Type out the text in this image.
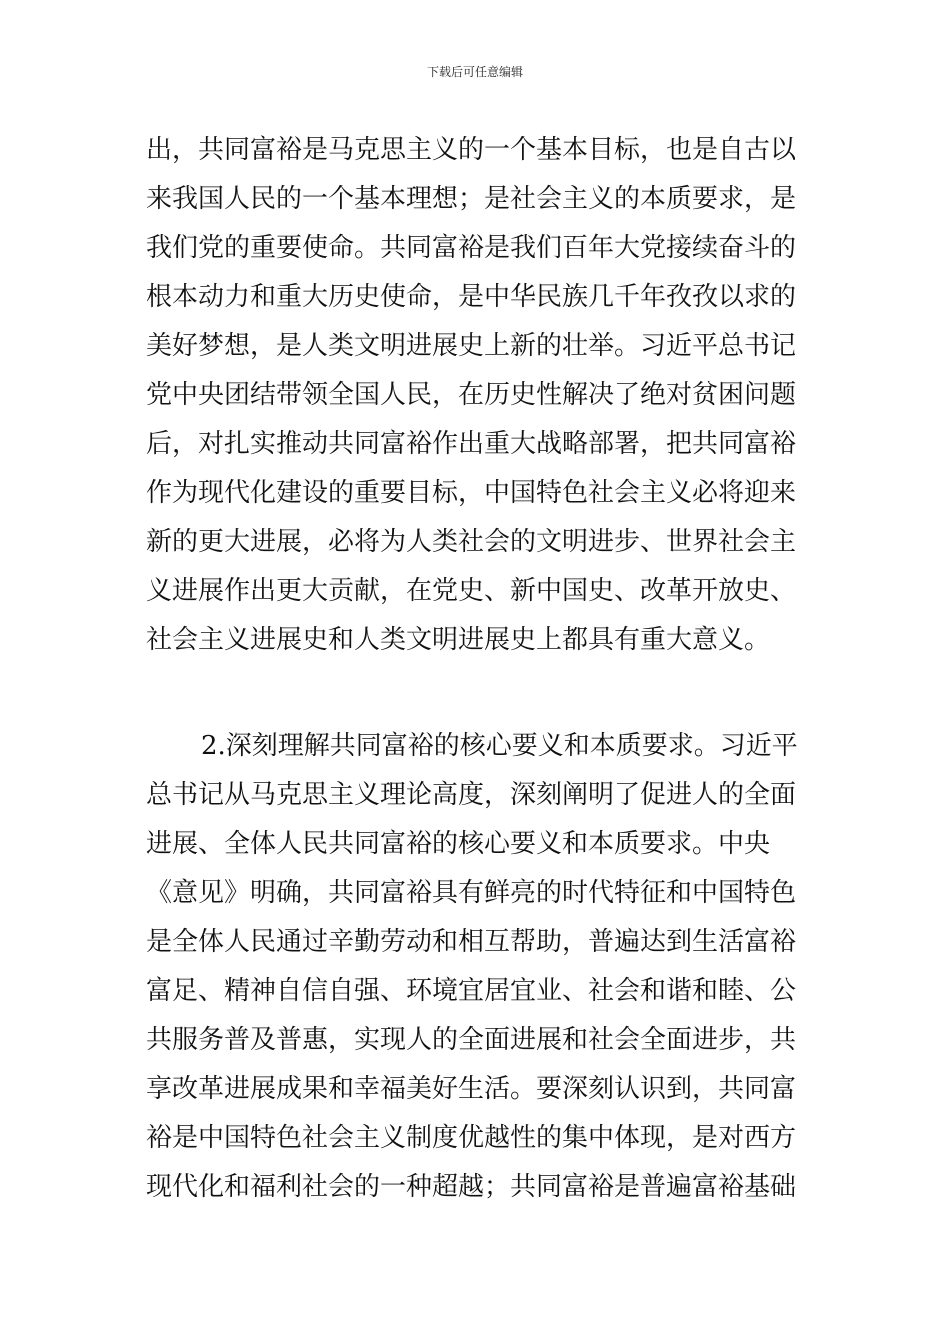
下载后可任意编辑
出，共同富裕是马克思主义的一个基本目标，也是自古以
来我国人民的一个基本理想；是社会主义的本质要求，是
我们党的重要使命。共同富裕是我们百年大党接续奋斗的
根本动力和重大历史使命，是中华民族几千年孜孜以求的
美好梦想，是人类文明进展史上新的壮举。习近平总书记
党中央团结带领全国人民，在历史性解决了绝对贫困问题
后，对扎实推动共同富裕作出重大战略部署，把共同富裕
作为现代化建设的重要目标，中国特色社会主义必将迎来
新的更大进展，必将为人类社会的文明进步、世界社会主
义进展作出更大贡献，在党史、新中国史、改革开放史、
社会主义进展史和人类文明进展史上都具有重大意义。
2.深刻理解共同富裕的核心要义和本质要求。习近平
总书记从马克思主义理论高度，深刻阐明了促进人的全面
进展、全体人民共同富裕的核心要义和本质要求。中央
《意见》明确，共同富裕具有鲜亮的时代特征和中国特色
是全体人民通过辛勤劳动和相互帮助，普遍达到生活富裕
富足、精神自信自强、环境宜居宜业、社会和谐和睦、公
共服务普及普惠，实现人的全面进展和社会全面进步，共
享改革进展成果和幸福美好生活。要深刻认识到，共同富
裕是中国特色社会主义制度优越性的集中体现，是对西方
现代化和福利社会的一种超越；共同富裕是普遍富裕基础
